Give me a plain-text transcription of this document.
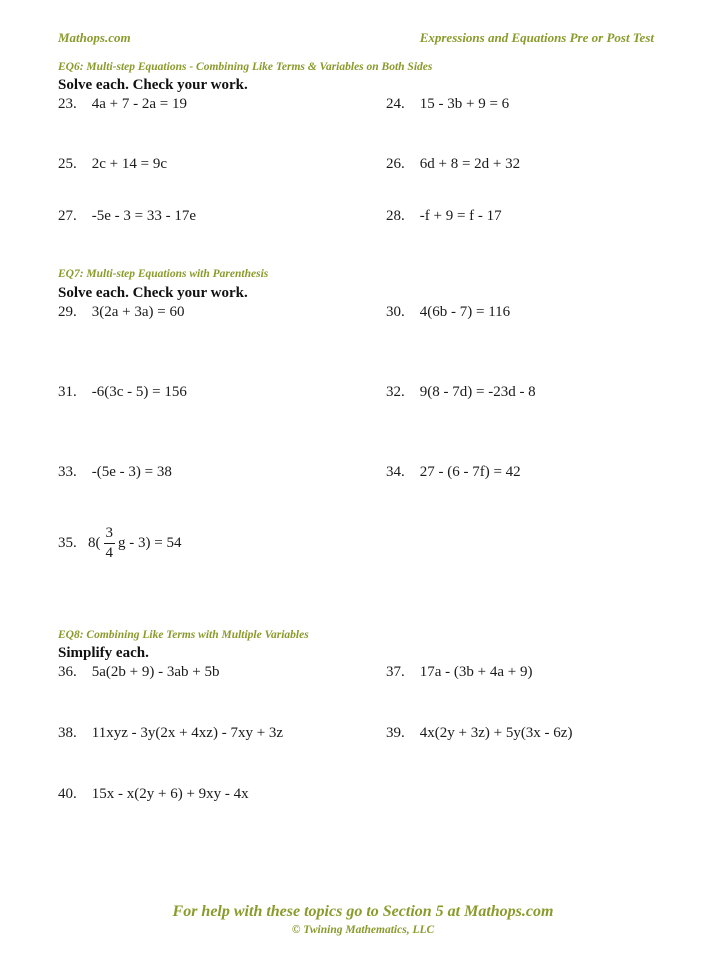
Mathops.com	Expressions and Equations Pre or Post Test
EQ6: Multi-step Equations - Combining Like Terms & Variables on Both Sides
Solve each. Check your work.
23. 4a + 7 - 2a = 19	24. 15 - 3b + 9 = 6
25. 2c + 14 = 9c	26. 6d + 8 = 2d + 32
27. -5e - 3 = 33 - 17e	28. -f + 9 = f - 17
EQ7: Multi-step Equations with Parenthesis
Solve each. Check your work.
29. 3(2a + 3a) = 60	30. 4(6b - 7) = 116
31. -6(3c - 5) = 156	32. 9(8 - 7d) = -23d - 8
33. -(5e - 3) = 38	34. 27 - (6 - 7f) = 42
35. $8( \frac{3}{4}$ g - 3) = 54
EQ8: Combining Like Terms with Multiple Variables
Simplify each.
36. 5a(2b + 9) - 3ab + 5b	37. 17a - (3b + 4a + 9)
38. 11xyz - 3y(2x + 4xz) - 7xy + 3z	39. 4x(2y + 3z) + 5y(3x - 6z)
40. 15x - x(2y + 6) + 9xy - 4x
For help with these topics go to Section 5 at Mathops.com
© Twining Mathematics, LLC
